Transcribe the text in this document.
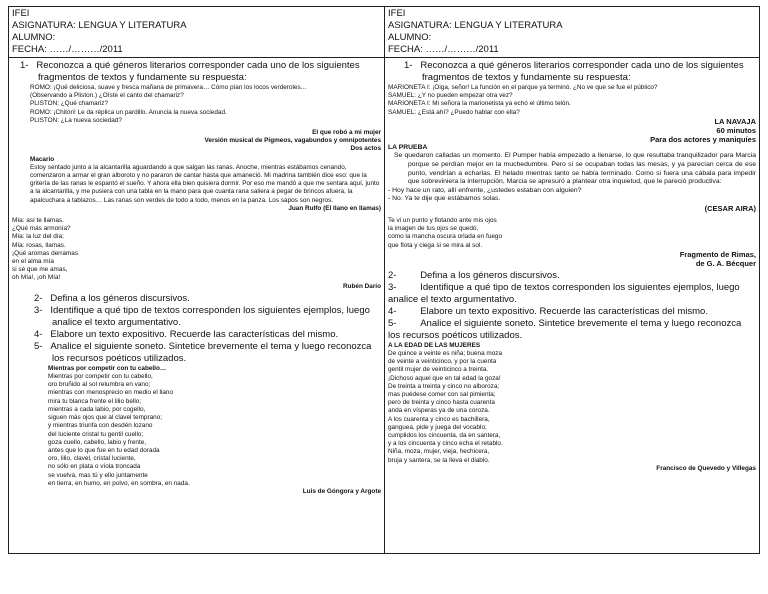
IFEI
ASIGNATURA: LENGUA Y LITERATURA
ALUMNO:
FECHA: ……/………/2011

1-   Reconozca a qué géneros literarios corresponder cada uno de los siguientes fragmentos de textos y fundamente su respuesta:

ROMO: ¡Qué deliciosa, suave y fresca mañana de primavera… Cómo pían los locos verderoles…
(Observando a Pliston.) ¿Oíste el canto del chamariz?
PLISTON: ¿Qué chamariz?
ROMO: ¡Chitón! Le da réplica un pardillo. Anuncia la nueva sociedad.
PLISTON: ¿La nueva sociedad?

El que robó a mi mujer

Versión musical de Pigmeos, vagabundos y omnipotentes

Dos actos

Macario

Estoy sentado junto a la alcantarilla aguardando a que salgan las ranas. Anoche, mientras estábamos cenando, comenzaron a armar el gran alboroto y no pararon de cantar hasta que amaneció. Mi madrina también dice eso: que la gritería de las ranas le espantó el sueño. Y ahora ella bien quisiera dormir. Por eso me mandó a que me sentara aquí, junto a la alcantarilla, y me pusiera con una tabla en la mano para que cuanta rana saliera a pegar de brincos afuera, la apalcuchara a tablazos… Las ranas son verdes de todo a todo, menos en la panza. Los sapos son negros.

Juan Rulfo (El llano en llamas)

Mía: así te llamas.
¿Qué más armonía?
Mía: la luz del día;
Mía: rosas, llamas.
¡Qué aromas derramas
en el alma mía
si sé que me amas,
oh Mía!, ¡oh Mía!

Rubén Darío

2-   Defina a los géneros discursivos.

3-   Identifique a qué tipo de textos corresponden los siguientes ejemplos, luego analice el texto argumentativo.

4-   Elabore un texto expositivo. Recuerde las características del mismo.

5-   Analice el siguiente soneto. Sintetice brevemente el tema y luego reconozca los recursos poéticos utilizados.

Mientras por competir con tu cabello…
Mientras por competir con tu cabello,
oro bruñido al sol relumbra en vano;
mientras con menosprecio en medio el llano
mira tu blanca frente el lilio bello;
mientras a cada labio, por cogello,
siguen más ojos que al clavel temprano;
y mientras triunfa con desdén lozano
del luciente cristal tu gentil cuello;
goza cuello, cabello, labio y frente,
antes que lo que fue en tu edad dorada
oro, lilio, clavel, cristal luciente,
no sólo en plata o víola troncada
se vuelva, mas tú y ello juntamente
en tierra, en humo, en polvo, en sombra, en nada.

Luis de Góngora y Argote

IFEI
ASIGNATURA: LENGUA Y LITERATURA
ALUMNO:
FECHA: ……/………/2011

1-   Reconozca a qué géneros literarios corresponder cada uno de los siguientes fragmentos de textos y fundamente su respuesta:

MARIONETA I: ¡Oiga, señor! La función en el parque ya terminó. ¿No ve que se fue el público?
SAMUEL: ¿Y no pueden empezar otra vez?
MARIONETA I: Mi señora la marionetista ya echó el último telón.
SAMUEL: ¿Está ahí? ¿Puedo hablar con ella?

LA NAVAJA

60 minutos

Para dos actores y maniquíes

LA PRUEBA

Se quedaron calladas un momento. El Pumper había empezado a llenarse, lo que resultaba tranquilizador para Marcia porque se perdían mejor en la muchedumbre. Pero si se ocupaban todas las mesas, y ya parecían cerca de ese punto, vendrían a echarlas. El helado mientras tanto se había terminado. Como si fuera una cábala para impedir que sobreviniera la interrupción, Marcia se apresuró a plantear otra inquietud, que le pareció productiva:

- Hoy hace un rato, allí enfrente, ¿ustedes estaban con alguien?

- No. Ya te dije que estábamos solas.

(CESAR AIRA)

Te vi un punto y flotando ante mis ojos
la imagen de tus ojos se quedó,
como la mancha oscura orlada en fuego
que flota y ciega si se mira al sol.

Fragmento de Rimas,

de G. A. Bécquer

2-         Defina a los géneros discursivos.

3-         Identifique a qué tipo de textos corresponden los siguientes ejemplos, luego analice el texto argumentativo.

4-         Elabore un texto expositivo. Recuerde las características del mismo.

5-         Analice el siguiente soneto. Sintetice brevemente el tema y luego reconozca los recursos poéticos utilizados.

A LA EDAD DE LAS MUJERES
De quince a veinte es niña; buena moza
de veinte a veinticinco, y por la cuenta
gentil mujer de veinticinco a treinta.
¡Dichoso aquel que en tal edad la goza!
De treinta a treinta y cinco no alboroza;
mas puédese comer con sal pimienta;
pero de treinta y cinco hasta cuarenta
anda en vísperas ya de una coroza.
A los cuarenta y cinco es bachillera,
ganguea, pide y juega del vocablo;
cumplidos los cincuenta, da en santera,
y a los cincuenta y cinco echa el retablo.
Niña, moza, mujer, vieja, hechicera,
bruja y santera, se la lleva el diablo.

Francisco de Quevedo y Villegas
